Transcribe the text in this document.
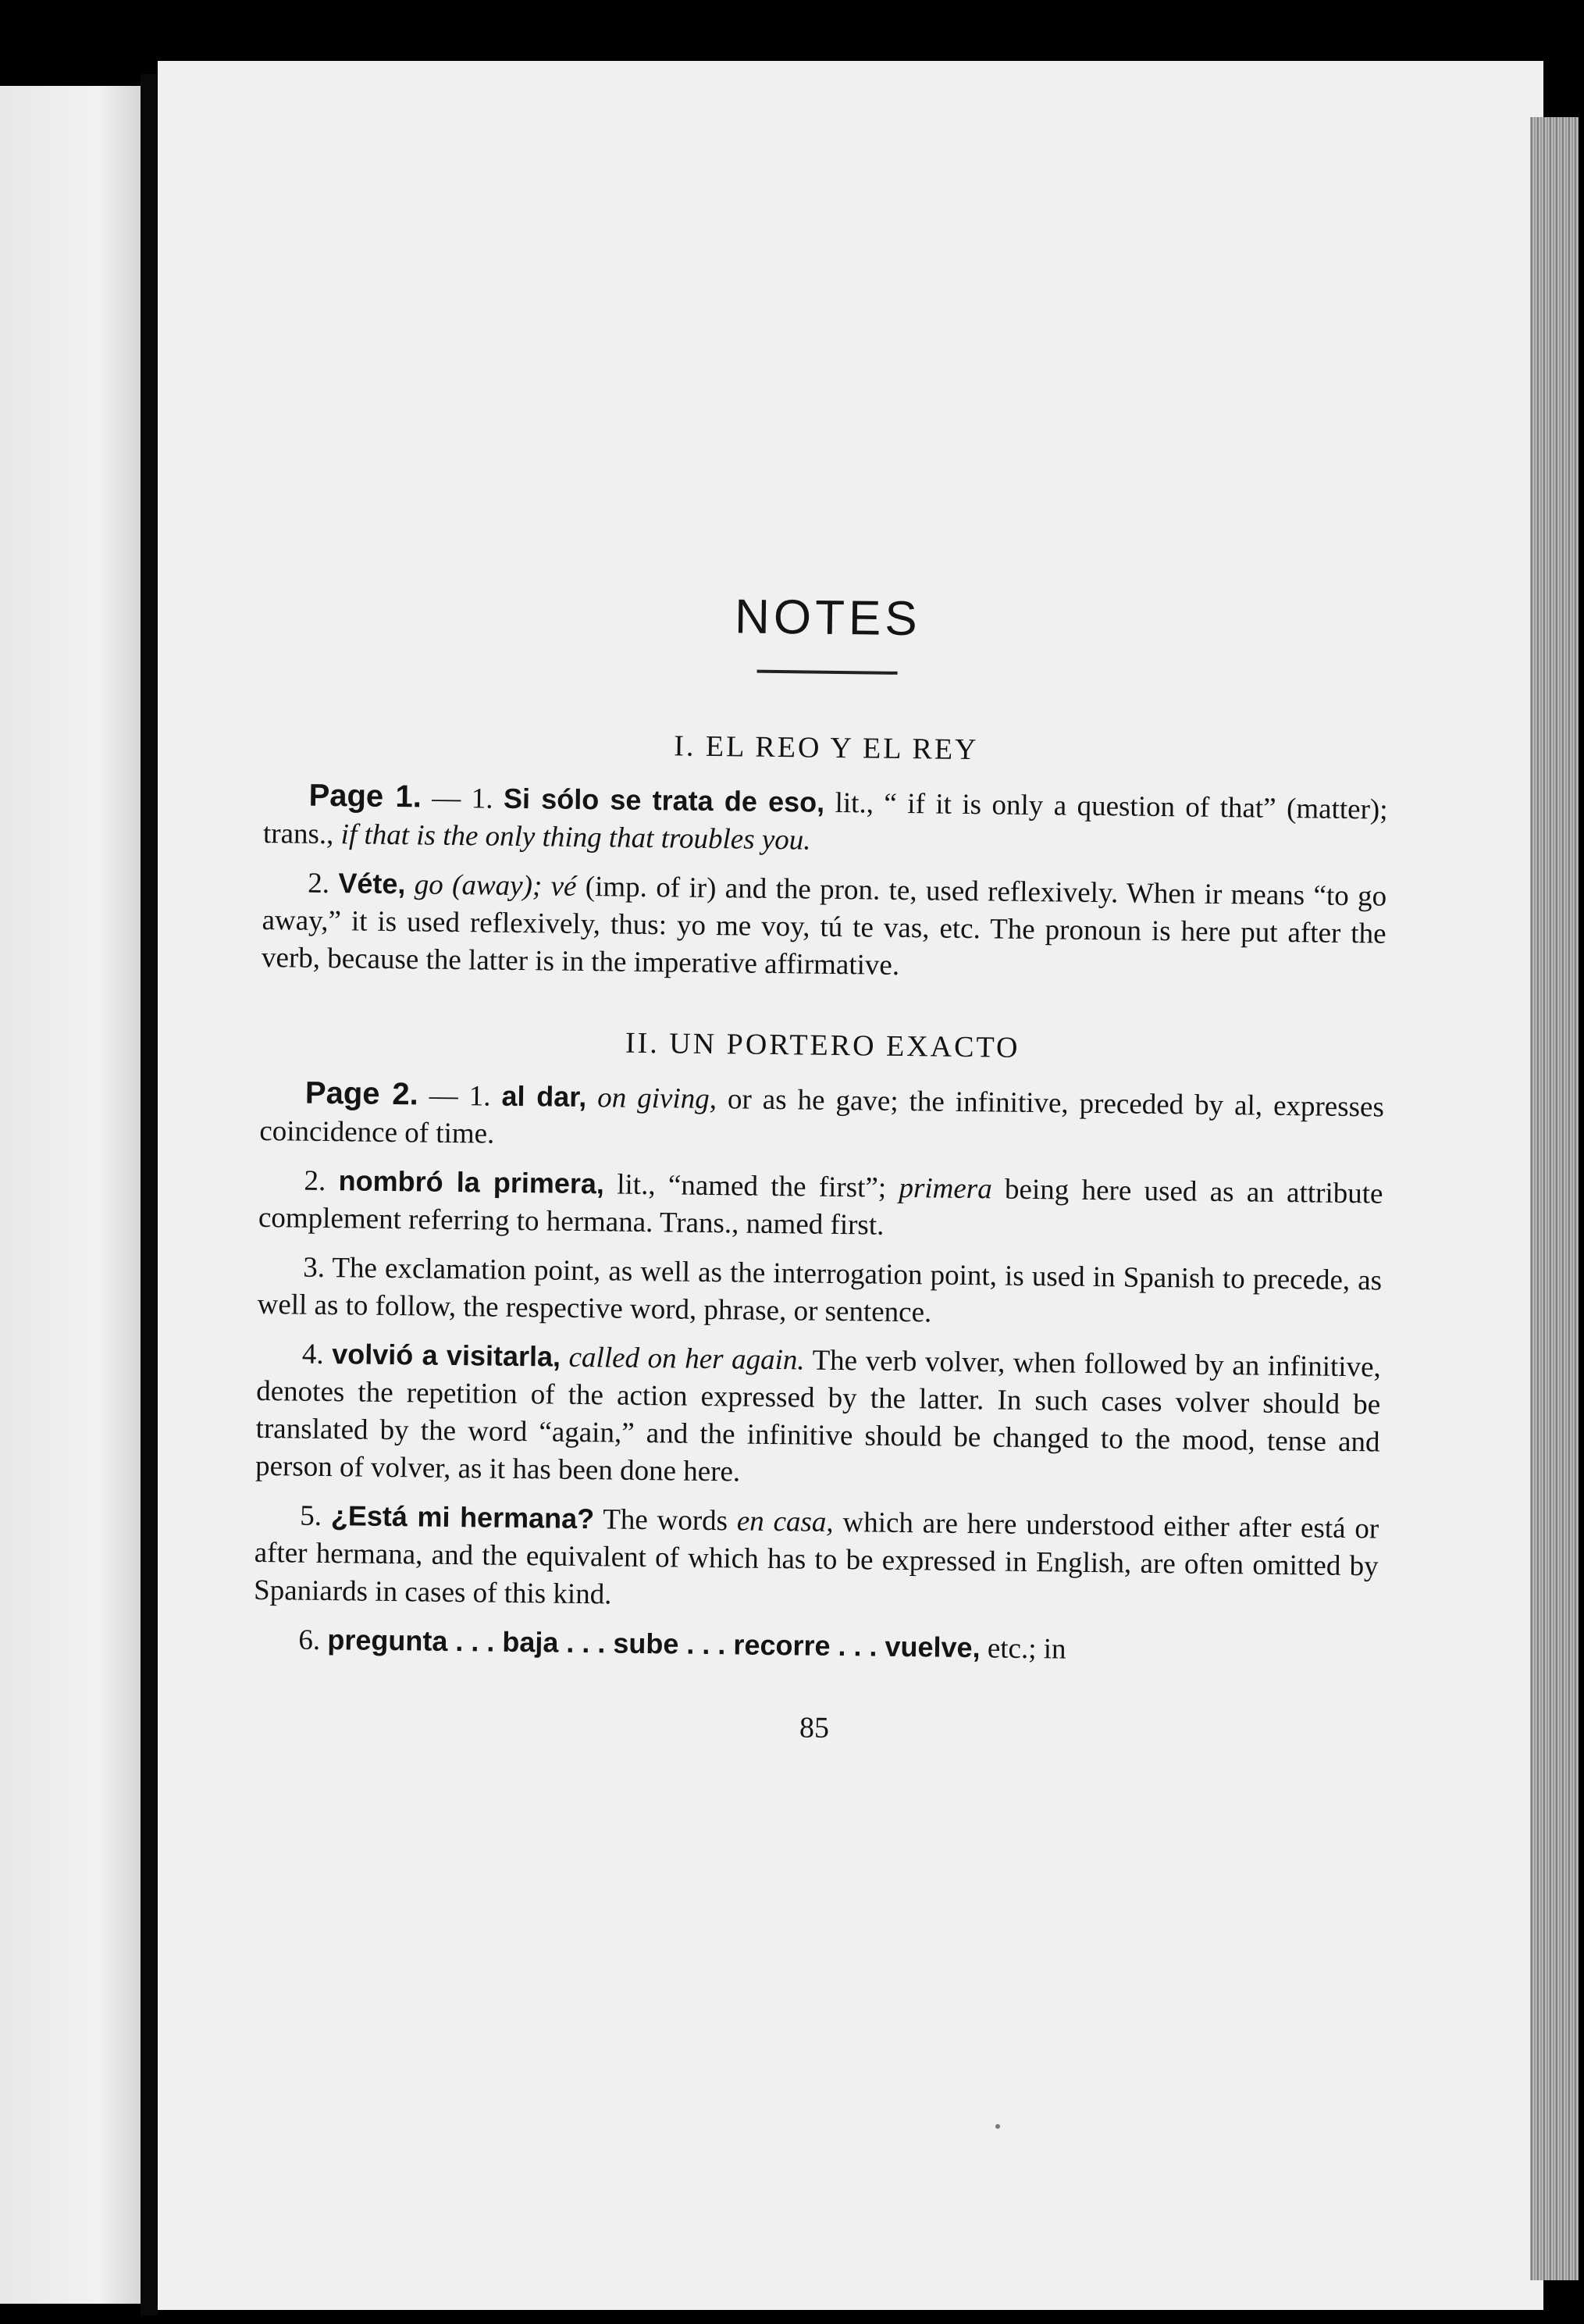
NOTES
I. EL REO Y EL REY

Page 1. — 1. Si sólo se trata de eso, lit., “ if it is only a question of that” (matter); trans., if that is the only thing that troubles you.

2. Véte, go (away); vé (imp. of ir) and the pron. te, used reflexively. When ir means “to go away,” it is used reflexively, thus: yo me voy, tú te vas, etc. The pronoun is here put after the verb, because the latter is in the imperative affirmative.

II. UN PORTERO EXACTO

Page 2. — 1. al dar, on giving, or as he gave; the infinitive, preceded by al, expresses coincidence of time.

2. nombró la primera, lit., “named the first”; primera being here used as an attribute complement referring to hermana. Trans., named first.

3. The exclamation point, as well as the interrogation point, is used in Spanish to precede, as well as to follow, the respective word, phrase, or sentence.

4. volvió a visitarla, called on her again. The verb volver, when followed by an infinitive, denotes the repetition of the action expressed by the latter. In such cases volver should be translated by the word “again,” and the infinitive should be changed to the mood, tense and person of volver, as it has been done here.

5. ¿Está mi hermana? The words en casa, which are here understood either after está or after hermana, and the equivalent of which has to be expressed in English, are often omitted by Spaniards in cases of this kind.

6. pregunta . . . baja . . . sube . . . recorre . . . vuelve, etc.; in

85
